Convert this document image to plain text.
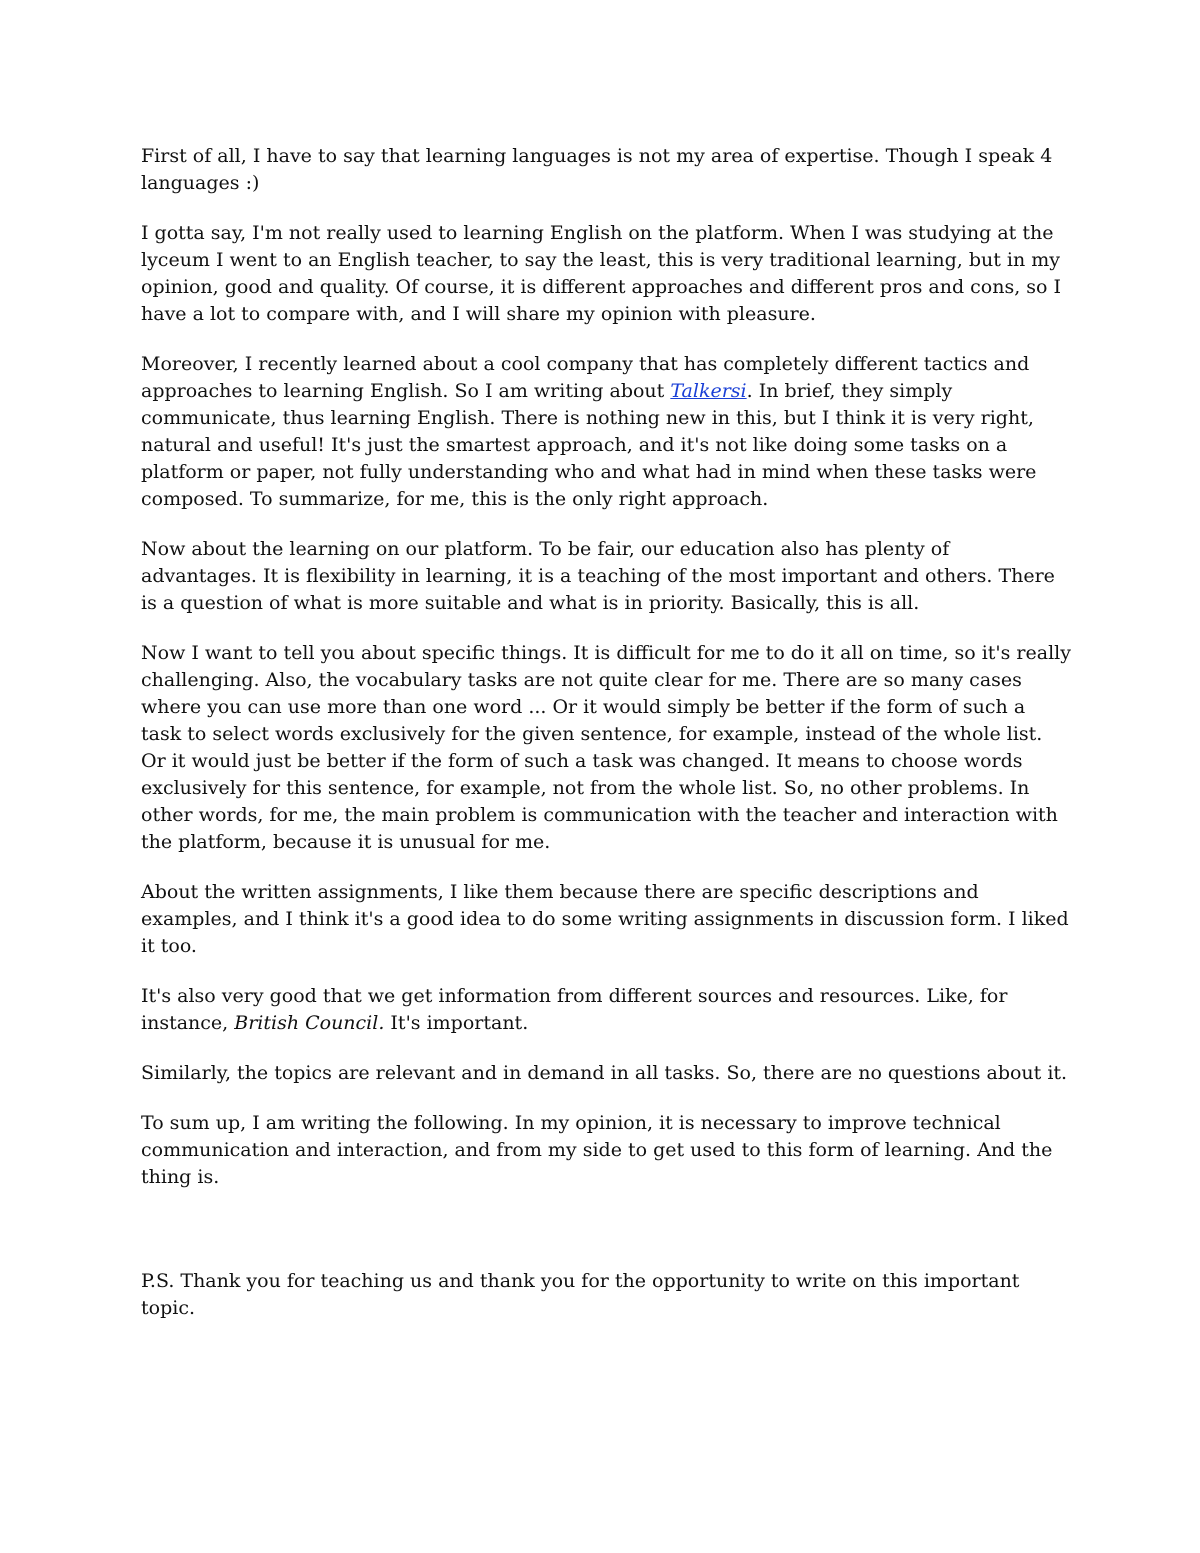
First of all, I have to say that learning languages is not my area of expertise. Though I speak 4 languages :)

I gotta say, I'm not really used to learning English on the platform. When I was studying at the lyceum I went to an English teacher, to say the least, this is very traditional learning, but in my opinion, good and quality. Of course, it is different approaches and different pros and cons, so I have a lot to compare with, and I will share my opinion with pleasure.

Moreover, I recently learned about a cool company that has completely different tactics and approaches to learning English. So I am writing about Talkersi. In brief, they simply communicate, thus learning English. There is nothing new in this, but I think it is very right, natural and useful! It's just the smartest approach, and it's not like doing some tasks on a platform or paper, not fully understanding who and what had in mind when these tasks were composed. To summarize, for me, this is the only right approach.

Now about the learning on our platform. To be fair, our education also has plenty of advantages. It is flexibility in learning, it is a teaching of the most important and others. There is a question of what is more suitable and what is in priority. Basically, this is all.

Now I want to tell you about specific things. It is difficult for me to do it all on time, so it's really challenging. Also, the vocabulary tasks are not quite clear for me. There are so many cases where you can use more than one word ... Or it would simply be better if the form of such a task to select words exclusively for the given sentence, for example, instead of the whole list. Or it would just be better if the form of such a task was changed. It means to choose words exclusively for this sentence, for example, not from the whole list. So, no other problems. In other words, for me, the main problem is communication with the teacher and interaction with the platform, because it is unusual for me.

About the written assignments, I like them because there are specific descriptions and examples, and I think it's a good idea to do some writing assignments in discussion form. I liked it too.

It's also very good that we get information from different sources and resources. Like, for instance, British Council. It's important.

Similarly, the topics are relevant and in demand in all tasks. So, there are no questions about it.

To sum up, I am writing the following. In my opinion, it is necessary to improve technical communication and interaction, and from my side to get used to this form of learning. And the thing is.

P.S. Thank you for teaching us and thank you for the opportunity to write on this important topic.
